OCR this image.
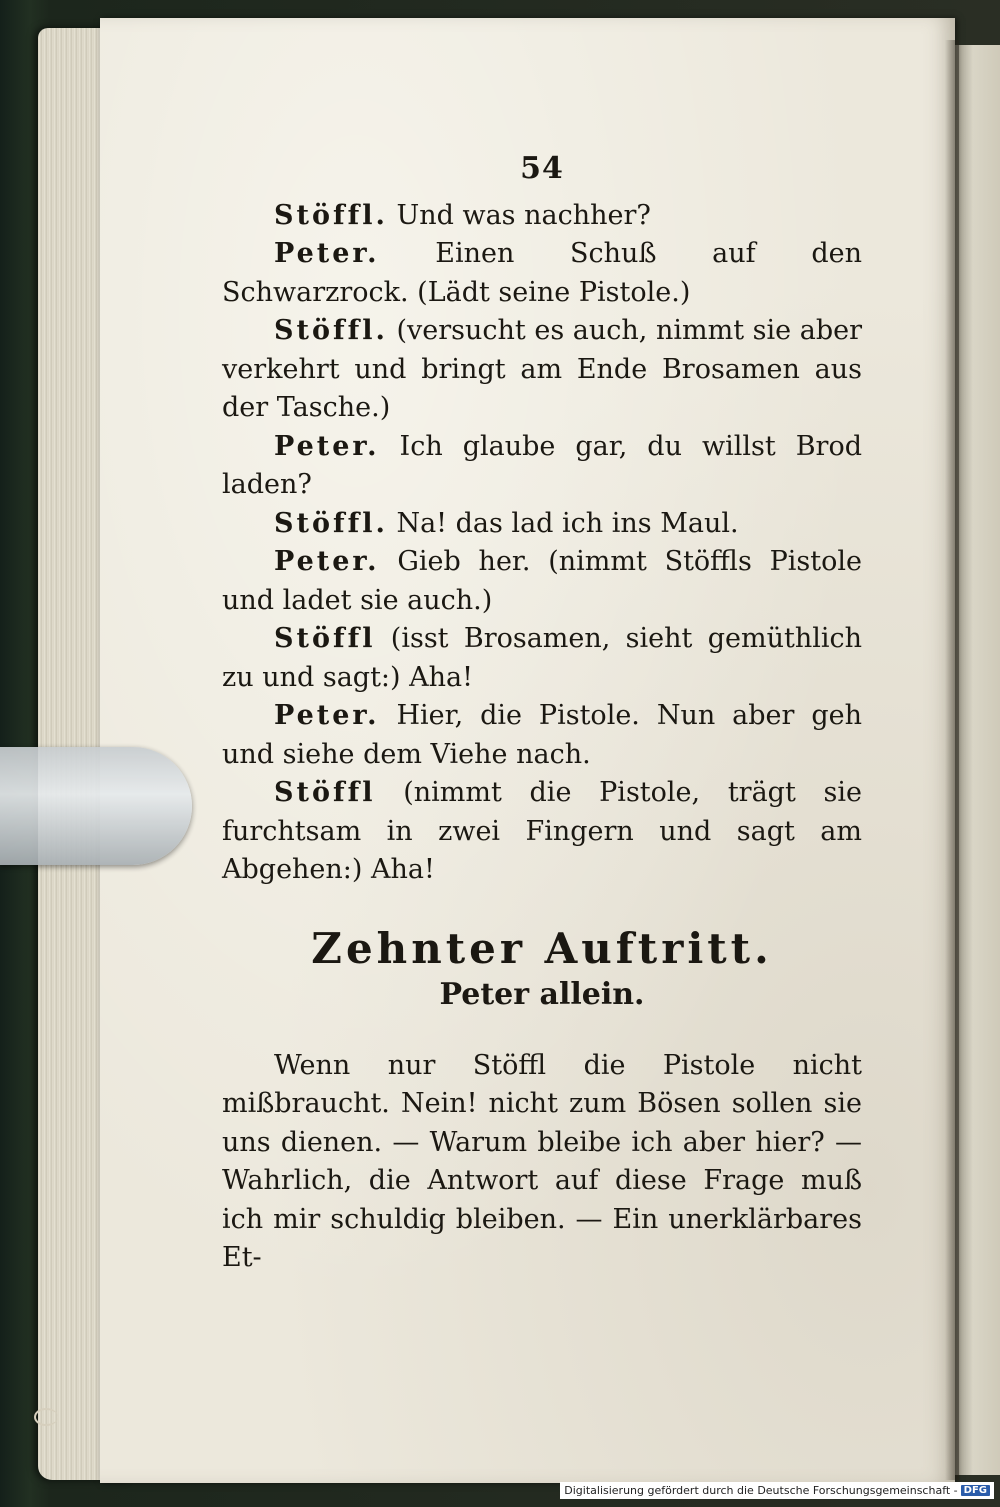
54

Stöffl. Und was nachher?

Peter. Einen Schuß auf den Schwarzrock. (Lädt seine Pistole.)

Stöffl. (versucht es auch, nimmt sie aber verkehrt und bringt am Ende Brosamen aus der Tasche.)

Peter. Ich glaube gar, du willst Brod laden?

Stöffl. Na! das lad ich ins Maul.

Peter. Gieb her. (nimmt Stöffls Pistole und ladet sie auch.)

Stöffl (isst Brosamen, sieht gemüthlich zu und sagt:) Aha!

Peter. Hier, die Pistole. Nun aber geh und siehe dem Viehe nach.

Stöffl (nimmt die Pistole, trägt sie furchtsam in zwei Fingern und sagt am Abgehen:) Aha!

Zehnter Auftritt.
Peter allein.

Wenn nur Stöffl die Pistole nicht mißbraucht. Nein! nicht zum Bösen sollen sie uns dienen. — Warum bleibe ich aber hier? — Wahrlich, die Antwort auf diese Frage muß ich mir schuldig bleiben. — Ein unerklärbares Et-

Digitalisierung gefördert durch die Deutsche Forschungsgemeinschaft - DFG
